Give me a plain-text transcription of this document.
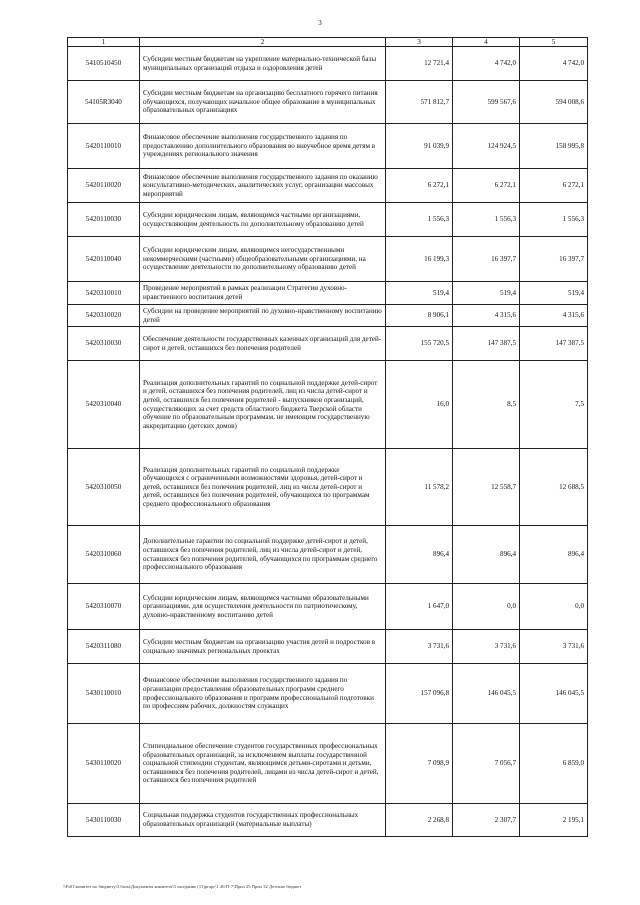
3
1	2	3	4	5
5410510450	Субсидии местным бюджетам на укрепление материально-технической базы муниципальных организаций отдыха и оздоровления детей	12 721,4	4 742,0	4 742,0
54105R3040	Субсидии местным бюджетам на организацию бесплатного горячего питания обучающихся, получающих начальное общее образование в муниципальных образовательных организациях	571 812,7	599 567,6	594 008,6
5420110010	Финансовое обеспечение выполнения государственного задания по предоставлению дополнительного образования во внеучебное время детям в учреждениях регионального значения	91 039,9	124 924,5	158 995,8
5420110020	Финансовое обеспечение выполнения государственного задания по оказанию консультативно-методических, аналитических услуг, организации массовых мероприятий	6 272,1	6 272,1	6 272,1
5420110030	Субсидии юридическим лицам, являющимся частными организациями, осуществляющим деятельность по дополнительному образованию детей	1 556,3	1 556,3	1 556,3
5420110040	Субсидии юридическим лицам, являющимся негосударственными некоммерческими (частными) общеобразовательными организациями, на осуществление деятельности по дополнительному образованию детей	16 199,3	16 397,7	16 397,7
5420310010	Проведение мероприятий в рамках реализации Стратегии духовно-нравственного воспитания детей	519,4	519,4	519,4
5420310020	Субсидии на проведение мероприятий по духовно-нравственному воспитанию детей	8 906,1	4 315,6	4 315,6
5420310030	Обеспечение деятельности государственных казенных организаций для детей-сирот и детей, оставшихся без попечения родителей	155 720,5	147 387,5	147 387,5
5420310040	Реализация дополнительных гарантий по социальной поддержке детей-сирот и детей, оставшихся без попечения родителей, лиц из числа детей-сирот и детей, оставшихся без попечения родителей - выпускников организаций, осуществляющих за счет средств областного бюджета Тверской области обучение по образовательным программам, не имеющим государственную аккредитацию (детских домов)	16,0	8,5	7,5
5420310050	Реализация дополнительных гарантий по социальной поддержке обучающихся с ограниченными возможностями здоровья, детей-сирот и детей, оставшихся без попечения родителей, лиц из числа детей-сирот и детей, оставшихся без попечения родителей, обучающихся по программам среднего профессионального образования	11 578,2	12 558,7	12 688,5
5420310060	Дополнительные гарантии по социальной поддержке детей-сирот и детей, оставшихся без попечения родителей, лиц из числа детей-сирот и детей, оставшихся без попечения родителей, обучающихся по программам среднего профессионального образования	896,4	896,4	896,4
5420310070	Субсидии юридическим лицам, являющимся частными образовательными организациями, для осуществления деятельности по патриотическому, духовно-нравственному воспитанию детей	1 647,0	0,0	0,0
5420311080	Субсидии местным бюджетам на организацию участия детей и подростков в социально значимых региональных проектах	3 731,6	3 731,6	3 731,6
5430110010	Финансовое обеспечение выполнения государственного задания по организации предоставления образовательных программ среднего профессионального образования и программ профессиональной подготовки по профессиям рабочих, должностям служащих	157 096,8	146 045,5	146 045,5
5430110020	Стипендиальное обеспечение студентов государственных профессиональных образовательных организаций, за исключением выплаты государственной социальной стипендии студентам, являющимся детьми-сиротами и детьми, оставшимися без попечения родителей, лицами из числа детей-сирот и детей, оставшихся без попечения родителей	7 098,9	7 056,7	6 859,0
5430110030	Социальная поддержка студентов государственных профессиональных образовательных организаций (материальные выплаты)	2 268,8	2 307,7	2 195,1
\\Fs01\комитет по бюджету\3 базы\Документы комитета\3 заседание (11)ргарг\1 46-П-7\Прил 25 Прил 32 Детские бюджет
